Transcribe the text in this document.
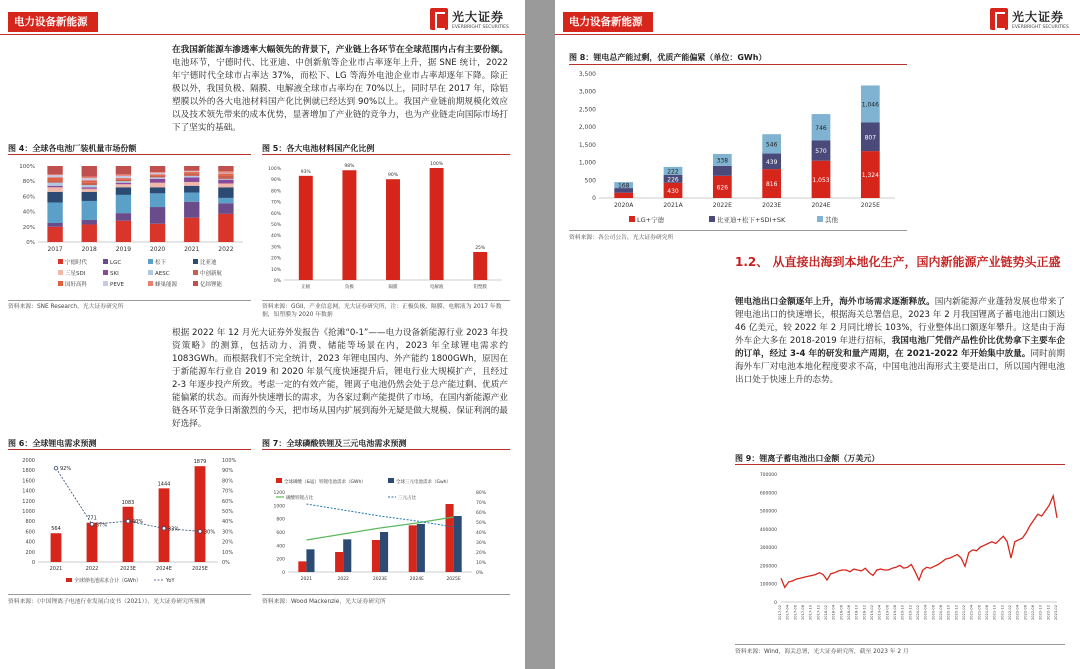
电力设备新能源	光大证券
EVERBRIGHT SECURITIES
在我国新能源车渗透率大幅领先的背景下，产业链上各环节在全球范围内占有主要份额。电池环节，宁德时代、比亚迪、中创新航等企业市占率逐年上升，据 SNE 统计，2022 年宁德时代全球市占率达 37%，而松下、LG 等海外电池企业市占率却逐年下降。除正极以外，我国负极、隔膜、电解液全球市占率均在 70%以上，同时早在 2017 年，除铝塑膜以外的各大电池材料国产化比例就已经达到 90%以上。我国产业链前期规模化效应以及技术领先带来的成本优势，显著增加了产业链的竞争力，也为产业链走向国际市场打下了坚实的基础。
图 4：全球各电池厂装机量市场份额
0%
20%
40%
60%
80%
100%
2017	2018	2019	2020	2021	2022
宁德时代	LGC	松下	比亚迪
三星SDI	SKI	AESC	中创新航
国轩高科	PEVE	蜂巢能源	亿纬锂能
资料来源：SNE Research，光大证券研究所
图 5：各大电池材料国产化比例
0%
10%
20%
30%
40%
50%
60%
70%
80%
90%
100%
93%
正极
98%
负极
90%
隔膜
100%
电解液
25%
铝塑膜
资料来源：GGII，产业信息网，光大证券研究所，注：正极负极、隔膜、电解液为 2017 年数据，铝塑膜为 2020 年数据
根据 2022 年 12 月光大证券外发报告《抢滩“0-1”——电力设备新能源行业 2023 年投资策略》的测算，包括动力、消费、储能等场景在内，2023 年全球锂电需求约 1083GWh。而根据我们不完全统计，2023 年锂电国内、外产能约 1800GWh，原因在于新能源车行业自 2019 和 2020 年景气度快速提升后，锂电行业大规模扩产，且经过 2-3 年逐步投产所致。考虑一定的有效产能，锂离子电池仍然会处于总产能过剩、优质产能偏紧的状态。而海外快速增长的需求，为各家过剩产能提供了市场，在国内新能源产业链各环节竞争日渐激烈的今天，把市场从国内扩展到海外无疑是做大规模、保证利润的最好选择。
图 6：全球锂电需求预测
0
200
400
600
800
1000
1200
1400
1600
1800
2000
0%
10%
20%
30%
40%
50%
60%
70%
80%
90%
100%
564
2021
771
2022
1083
2023E
1444
2024E
1879
2025E
92%
37%
40%
33%
30%
全球锂电池需求合计（GWh）	YoY
资料来源：《中国锂离子电池行业发展白皮书（2021）》，光大证券研究所预测
图 7：全球磷酸铁锂及三元电池需求预测
全球磷酸（&锰）铁锂电池需求（GWh）	全球三元电池需求（Gwh）
磷酸铁锂占比	三元占比
0
200
400
600
800
1000
1200
0%
10%
20%
30%
40%
50%
60%
70%
80%
2021	2022	2023E	2024E	2025E
资料来源：Wood Mackenzie，光大证券研究所
大数跨境
电力设备新能源	光大证券
EVERBRIGHT SECURITIES
图 8：锂电总产能过剩，优质产能偏紧（单位：GWh）
0
500
1,000
1,500
2,000
2,500
3,000
3,500
168
2020A
430
226
222
2021A
626
338
2022E
816
439
546
2023E
1,053
570
746
2024E
1,324
807
1,046
2025E
LG+宁德	比亚迪+松下+SDI+SK	其他
资料来源：各公司公告，光大证券研究所
1.2、 从直接出海到本地化生产，国内新能源产业链势头正盛
锂电池出口金额逐年上升，海外市场需求逐渐释放。国内新能源产业蓬勃发展也带来了锂电池出口的快速增长，根据海关总署信息，2023 年 2 月我国锂离子蓄电池出口额达 46 亿美元，较 2022 年 2 月同比增长 103%，行业整体出口额逐年攀升。这是由于海外车企大多在 2018-2019 年进行招标，我国电池厂凭借产品性价比优势拿下主要车企的订单，经过 3-4 年的研发和量产周期，在 2021-2022 年开始集中放量。同时前期海外车厂对电池本地化程度要求不高，中国电池出海形式主要是出口，所以国内锂电池出口处于快速上升的态势。
图 9：锂离子蓄电池出口金额（万美元）
0
100000
200000
300000
400000
500000
600000
700000
2017-02 2017-04 2017-06 2017-08 2017-10 2017-12 2018-02 2018-04 2018-06 2018-08 2018-10 2018-12 2019-02 2019-04 2019-06 2019-08 2019-10 2019-12 2020-02 2020-04 2020-06 2020-08 2020-10 2020-12 2021-02 2021-04 2021-06 2021-08 2021-10 2021-12 2022-02 2022-04 2022-06 2022-08 2022-10 2022-12 2023-02
资料来源：Wind，海关总署，光大证券研究所，截至 2023 年 2 月
